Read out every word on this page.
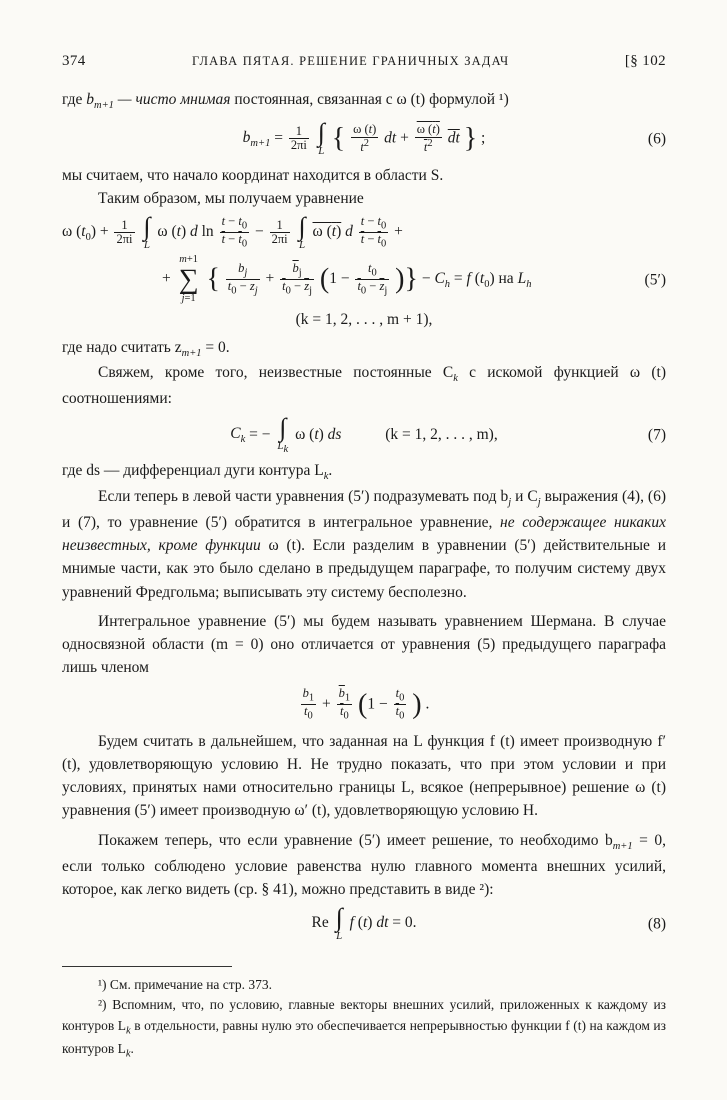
374	ГЛАВА ПЯТАЯ. РЕШЕНИЕ ГРАНИЧНЫХ ЗАДАЧ	[§ 102

где $b_{m+1}$ — чисто мнимая постоянная, связанная с ω (t) формулой ¹)

$b_{m+1} = \frac{1}{2\pi i}$
∫
L { $\frac{\omega (t)}{t^2}$ dt + $\frac{\omega (t)}{\overline{t}^2} \overline{dt}$ } ;	(6)

мы считаем, что начало координат находится в области S.

Таким образом, мы получаем уравнение

ω $(t_0) + \frac{1}{2\pi i}$
∫
L
ω (t) d $\ln \frac{t - t_0}{\overline{t} - \overline{t}_0} - \frac{1}{2\pi i}$
∫
L
ω (t) d $\frac{t - t_0}{\overline{t} - \overline{t}_0}$ +
+
m+1
∑
j=1
{ $\frac{b_j}{t_0 - z_j} + \frac{\overline{b}_j}{\overline{t}_0 - \overline{z}_j} (1 - \frac{t_0}{\overline{t}_0 - \overline{z}_j}$ )} − $C_h = f$ $(t_0)$ на $L_h$	(5′)
(k = 1, 2, . . . , m + 1),

где надо считать $z_{m+1} = 0$.

Свяжем, кроме того, неизвестные постоянные $C_k$ с искомой функцией ω (t) соотношениями:

$C_k$ = − ∫
$L_k$
ω (t) ds	(k = 1, 2, . . . , m),	(7)

где ds — дифференциал дуги контура $L_k$.

Если теперь в левой части уравнения (5′) подразумевать под $b_j$ и $C_j$ выражения (4), (6) и (7), то уравнение (5′) обратится в интегральное уравнение, не содержащее никаких неизвестных, кроме функции ω (t). Если разделим в уравнении (5′) действительные и мнимые части, как это было сделано в предыдущем параграфе, то получим систему двух уравнений Фредгольма; выписывать эту систему бесполезно.

Интегральное уравнение (5′) мы будем называть уравнением Шермана. В случае односвязной области (m = 0) оно отличается от уравнения (5) предыдущего параграфа лишь членом

$\frac{b_1}{t_0} + \frac{\overline{b}_1}{\overline{t}_0} (1 - \frac{t_0}{\overline{t}_0}$ ) .

Будем считать в дальнейшем, что заданная на L функция f (t) имеет производную f′ (t), удовлетворяющую условию H. Не трудно показать, что при этом условии и при условиях, принятых нами относительно границы L, всякое (непрерывное) решение ω (t) уравнения (5′) имеет производную ω′ (t), удовлетворяющую условию H.

Покажем теперь, что если уравнение (5′) имеет решение, то необходимо $b_{m+1} = 0$, если только соблюдено условие равенства нулю главного момента внешних усилий, которое, как легко видеть (ср. § 41), можно представить в виде ²):

Re ∫
L
f (t) dt = 0.	(8)

¹) См. примечание на стр. 373.

²) Вспомним, что, по условию, главные векторы внешних усилий, приложенных к каждому из контуров $L_k$ в отдельности, равны нулю это обеспечивается непрерывностью функции f (t) на каждом из контуров $L_k$.
